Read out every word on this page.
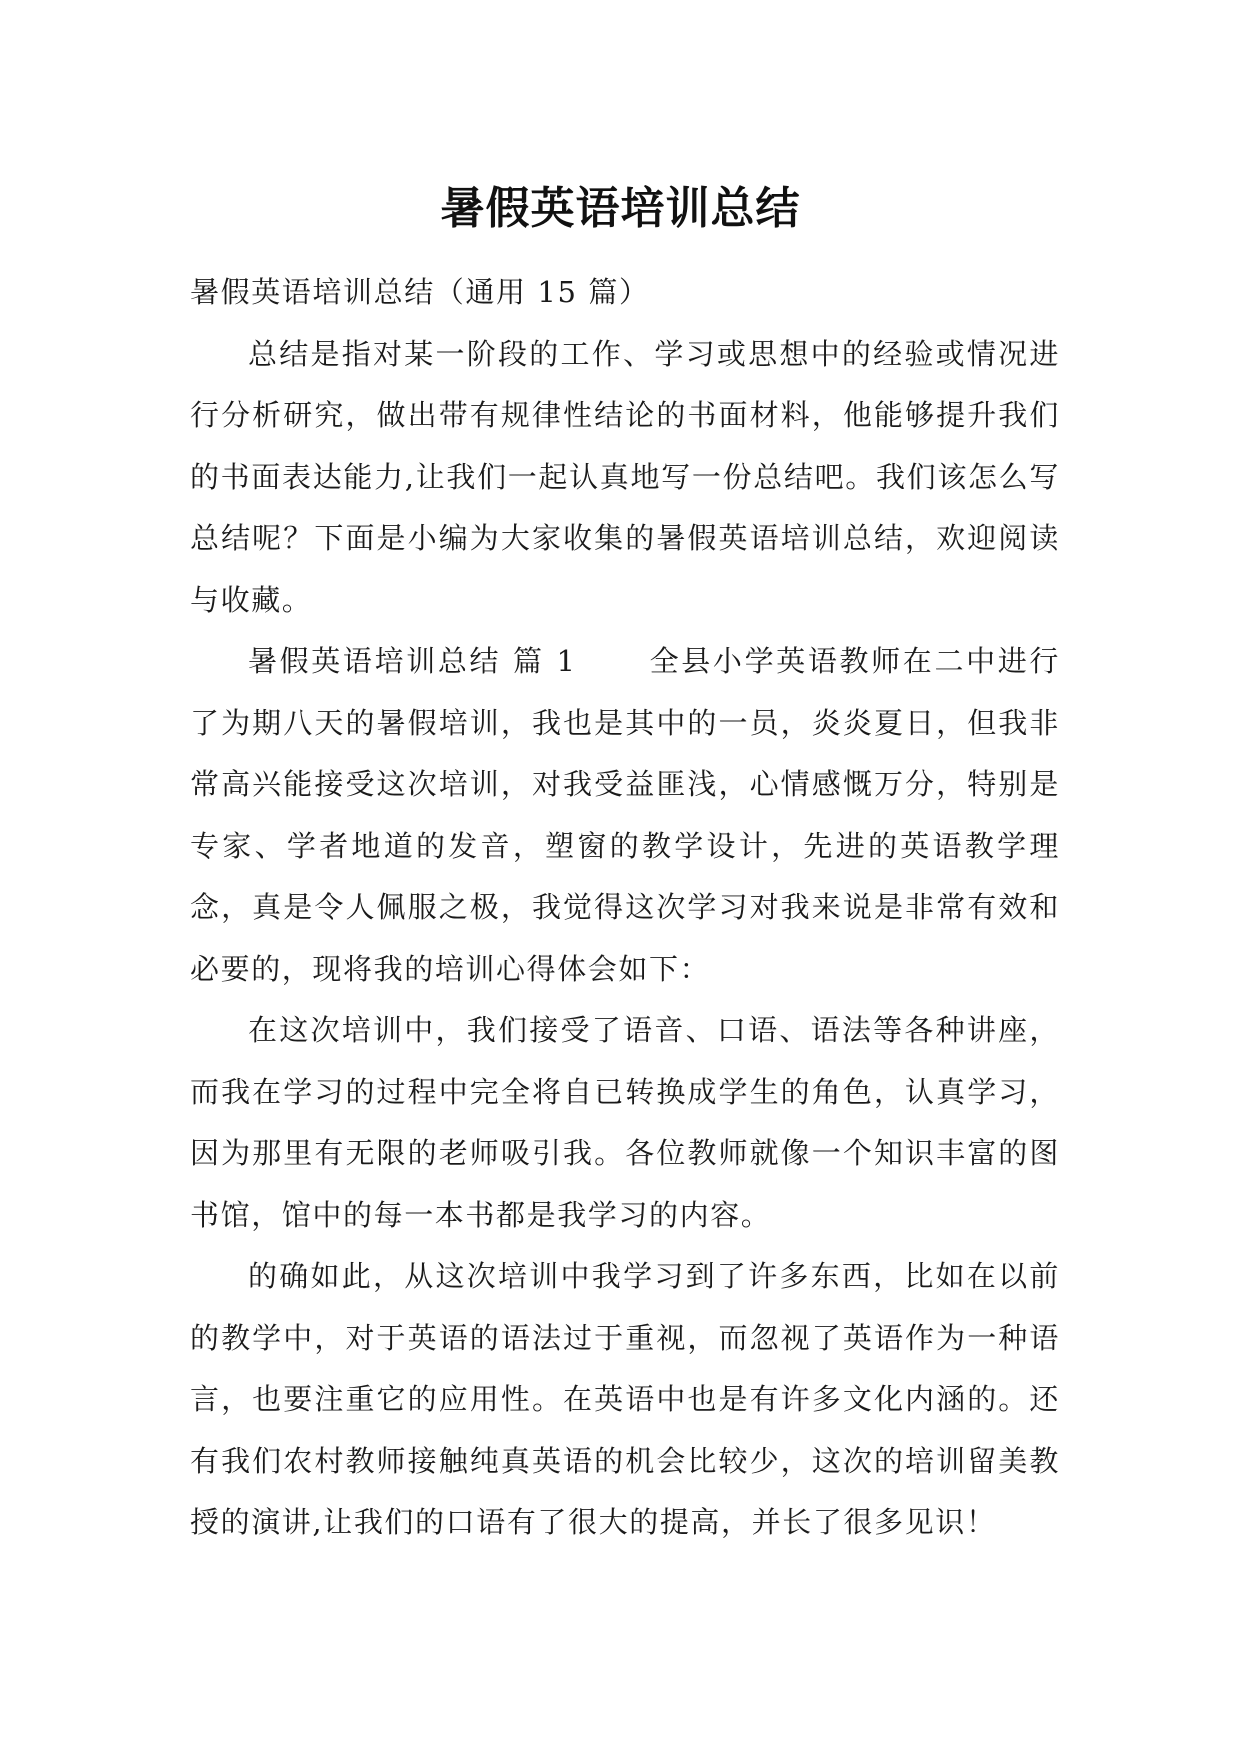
暑假英语培训总结

暑假英语培训总结（通用 15 篇）

总结是指对某一阶段的工作、学习或思想中的经验或情况进行分析研究，做出带有规律性结论的书面材料，他能够提升我们的书面表达能力,让我们一起认真地写一份总结吧。我们该怎么写总结呢？下面是小编为大家收集的暑假英语培训总结，欢迎阅读与收藏。

暑假英语培训总结 篇 1 全县小学英语教师在二中进行了为期八天的暑假培训，我也是其中的一员，炎炎夏日，但我非常高兴能接受这次培训，对我受益匪浅，心情感慨万分，特别是专家、学者地道的发音，塑窗的教学设计，先进的英语教学理念，真是令人佩服之极，我觉得这次学习对我来说是非常有效和必要的，现将我的培训心得体会如下：

在这次培训中，我们接受了语音、口语、语法等各种讲座，而我在学习的过程中完全将自已转换成学生的角色，认真学习，因为那里有无限的老师吸引我。各位教师就像一个知识丰富的图书馆，馆中的每一本书都是我学习的内容。

的确如此，从这次培训中我学习到了许多东西，比如在以前的教学中，对于英语的语法过于重视，而忽视了英语作为一种语言，也要注重它的应用性。在英语中也是有许多文化内涵的。还有我们农村教师接触纯真英语的机会比较少，这次的培训留美教授的演讲,让我们的口语有了很大的提高，并长了很多见识！
